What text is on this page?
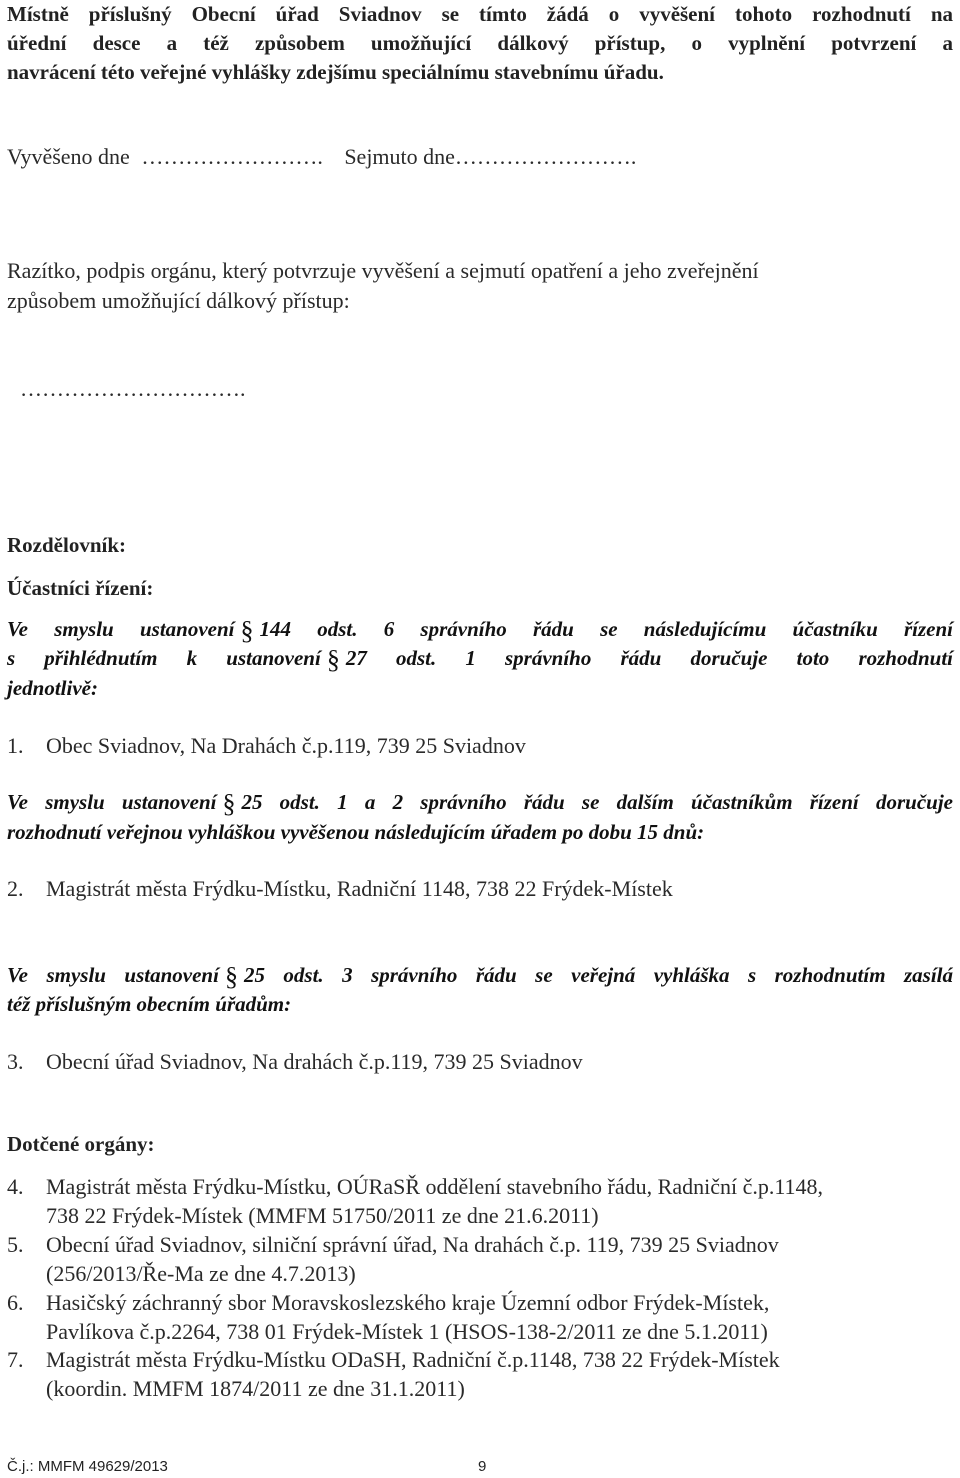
Místně příslušný Obecní úřad Sviadnov se tímto žádá o vyvěšení tohoto rozhodnutí na
úřední desce a též způsobem umožňující dálkový přístup, o vyplnění potvrzení a
navrácení této veřejné vyhlášky zdejšímu speciálnímu stavebnímu úřadu.
Vyvěšeno dne ……………………. Sejmuto dne…………………….
Razítko, podpis orgánu, který potvrzuje vyvěšení a sejmutí opatření a jeho zveřejnění
způsobem umožňující dálkový přístup:
………………………….
Rozdělovník:
Účastníci řízení:
Ve smyslu ustanovení § 144 odst. 6 správního řádu se následujícímu účastníku řízení
s přihlédnutím k ustanovení § 27 odst. 1 správního řádu doručuje toto rozhodnutí
jednotlivě:
1. Obec Sviadnov, Na Drahách č.p.119, 739 25 Sviadnov
Ve smyslu ustanovení § 25 odst. 1 a 2 správního řádu se dalším účastníkům řízení doručuje
rozhodnutí veřejnou vyhláškou vyvěšenou následujícím úřadem po dobu 15 dnů:
2. Magistrát města Frýdku-Místku, Radniční 1148, 738 22 Frýdek-Místek
Ve smyslu ustanovení § 25 odst. 3 správního řádu se veřejná vyhláška s rozhodnutím zasílá
též příslušným obecním úřadům:
3. Obecní úřad Sviadnov, Na drahách č.p.119, 739 25 Sviadnov
Dotčené orgány:
4. Magistrát města Frýdku-Místku, OÚRaSŘ oddělení stavebního řádu, Radniční č.p.1148,
738 22 Frýdek-Místek (MMFM 51750/2011 ze dne 21.6.2011)
5. Obecní úřad Sviadnov, silniční správní úřad, Na drahách č.p. 119, 739 25 Sviadnov
(256/2013/Ře-Ma ze dne 4.7.2013)
6. Hasičský záchranný sbor Moravskoslezského kraje Územní odbor Frýdek-Místek,
Pavlíkova č.p.2264, 738 01 Frýdek-Místek 1 (HSOS-138-2/2011 ze dne 5.1.2011)
7. Magistrát města Frýdku-Místku ODaSH, Radniční č.p.1148, 738 22 Frýdek-Místek
(koordin. MMFM 1874/2011 ze dne 31.1.2011)
Č.j.: MMFM 49629/2013	9
